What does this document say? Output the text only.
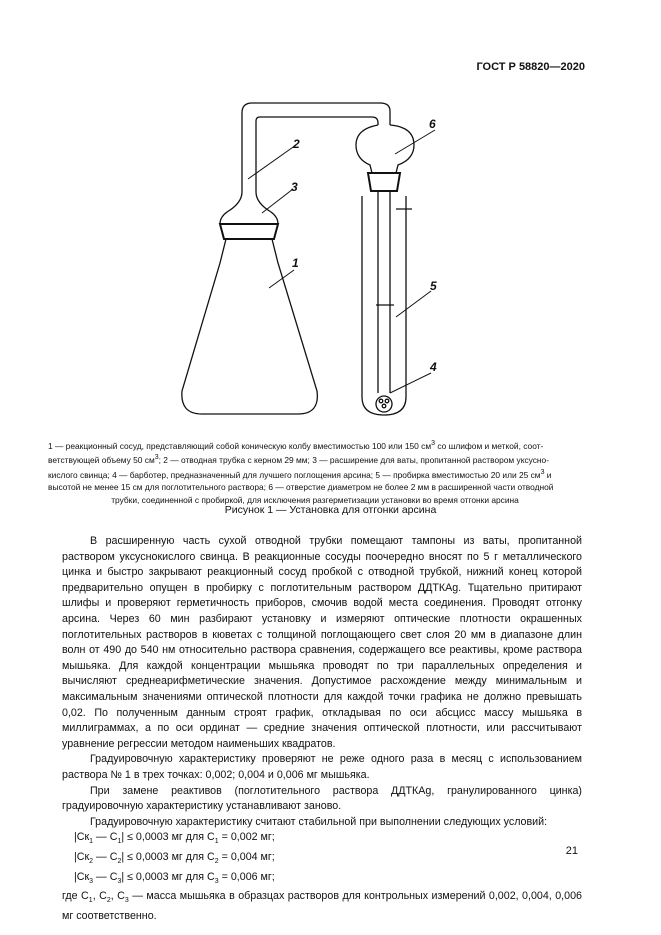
ГОСТ Р 58820—2020
1
2
3
4
5
6
1 — реакционный сосуд, представляющий собой коническую колбу вместимостью 100 или 150 $см^3$ со шлифом и меткой, соот-
ветствующей объему 50 $см^3$; 2 — отводная трубка с керном 29 мм; 3 — расширение для ваты, пропитанной раствором уксусно-
кислого свинца; 4 — барботер, предназначенный для лучшего поглощения арсина; 5 — пробирка вместимостью 20 или 25 $см^3$ и
высотой не менее 15 см для поглотительного раствора; 6 — отверстие диаметром не более 2 мм в расширенной части отводной
трубки, соединенной с пробиркой, для исключения разгерметизации установки во время отгонки арсина
Рисунок 1 — Установка для отгонки арсина

В расширенную часть сухой отводной трубки помещают тампоны из ваты, пропитанной раствором уксуснокислого свинца. В реакционные сосуды поочередно вносят по 5 г металлического цинка и быстро закрывают реакционный сосуд пробкой с отводной трубкой, нижний конец которой предварительно опущен в пробирку с поглотительным раствором ДДТКAg. Тщательно притирают шлифы и проверяют герметичность приборов, смочив водой места соединения. Проводят отгонку арсина. Через 60 мин разбирают установку и измеряют оптические плотности окрашенных поглотительных растворов в кюветах с толщиной поглощающего свет слоя 20 мм в диапазоне длин волн от 490 до 540 нм относительно раствора сравнения, содержащего все реактивы, кроме раствора мышьяка. Для каждой концентрации мышьяка проводят по три параллельных определения и вычисляют среднеарифметические значения. Допустимое расхождение между минимальным и максимальным значениями оптической плотности для каждой точки графика не должно превышать 0,02. По полученным данным строят график, откладывая по оси абсцисс массу мышьяка в миллиграммах, а по оси ординат — средние значения оптической плотности, или рассчитывают уравнение регрессии методом наименьших квадратов.

Градуировочную характеристику проверяют не реже одного раза в месяц с использованием раствора № 1 в трех точках: 0,002; 0,004 и 0,006 мг мышьяка.

При замене реактивов (поглотительного раствора ДДТКAg, гранулированного цинка) градуировочную характеристику устанавливают заново.

Градуировочную характеристику считают стабильной при выполнении следующих условий:

$|Ск_1$ — $С_1| \le 0,0003$ мг для $С_1 = 0,002$ мг;

$|Ск_2$ — $С_2| \le 0,0003$ мг для $С_2 = 0,004$ мг;

$|Ск_3$ — $С_3| \le 0,0003$ мг для $С_3 = 0,006$ мг;

где $С_1$, $С_2$, $С_3$ — масса мышьяка в образцах растворов для контрольных измерений 0,002, 0,004, 0,006 мг соответственно.

21
